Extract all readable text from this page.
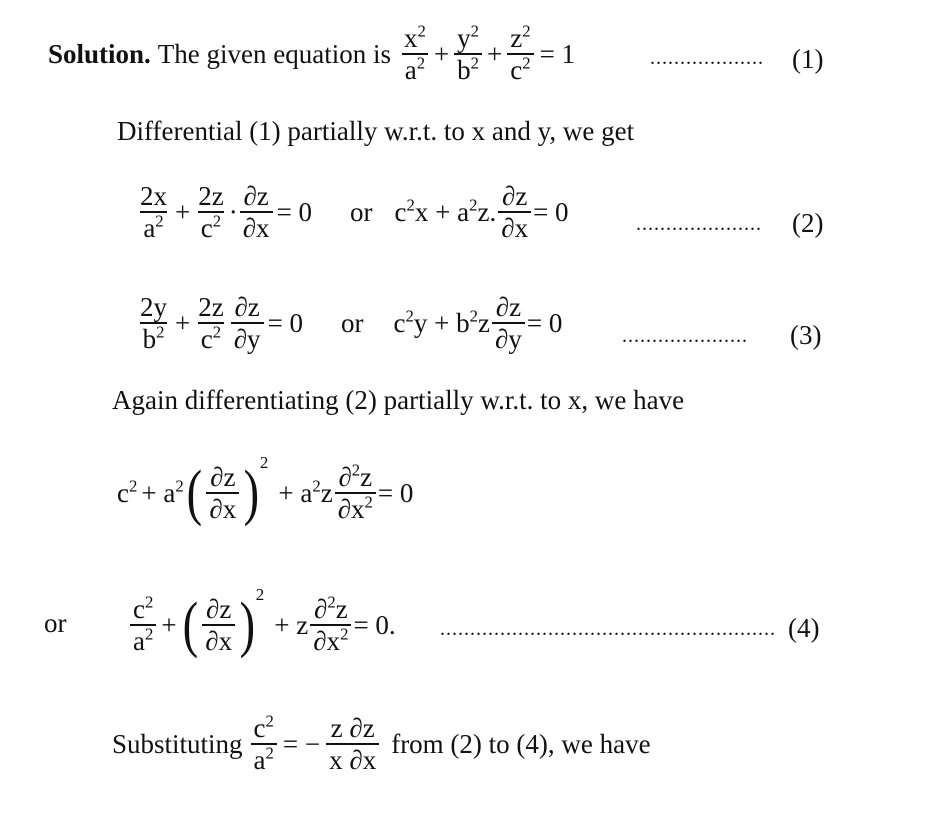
Solution. The given equation is $\frac{x^2}{a^2} + \frac{y^2}{b^2} + \frac{z^2}{c^2} = 1$	................... (1)
Differential (1) partially w.r.t. to x and y, we get
$\frac{2x}{a^2} + \frac{2z}{c^2} \cdot \frac{\partial z}{\partial x} = 0$ or $c^2x + a^2z$. $\frac{\partial z}{\partial x} = 0$	..................... (2)
$\frac{2y}{b^2} + \frac{2z}{c^2} \frac{\partial z}{\partial y} = 0$ or $c^2y + b^2z \frac{\partial z}{\partial y} = 0$	..................... (3)
Again differentiating (2) partially w.r.t. to x, we have
$c^2 + a^2$ ( $\frac{\partial z}{\partial x}$ ) 2
+ $a^2z \frac{\partial^2z}{\partial x^2} = 0$
or $\frac{c^2}{a^2}$ + ( $\frac{\partial z}{\partial x}$ ) 2
+ z $\frac{\partial^2z}{\partial x^2} = 0$. ........................................................ (4)
Substituting $\frac{c^2}{a^2}$ = − $\frac{z \partial z}{x \partial x}$ from (2) to (4), we have
